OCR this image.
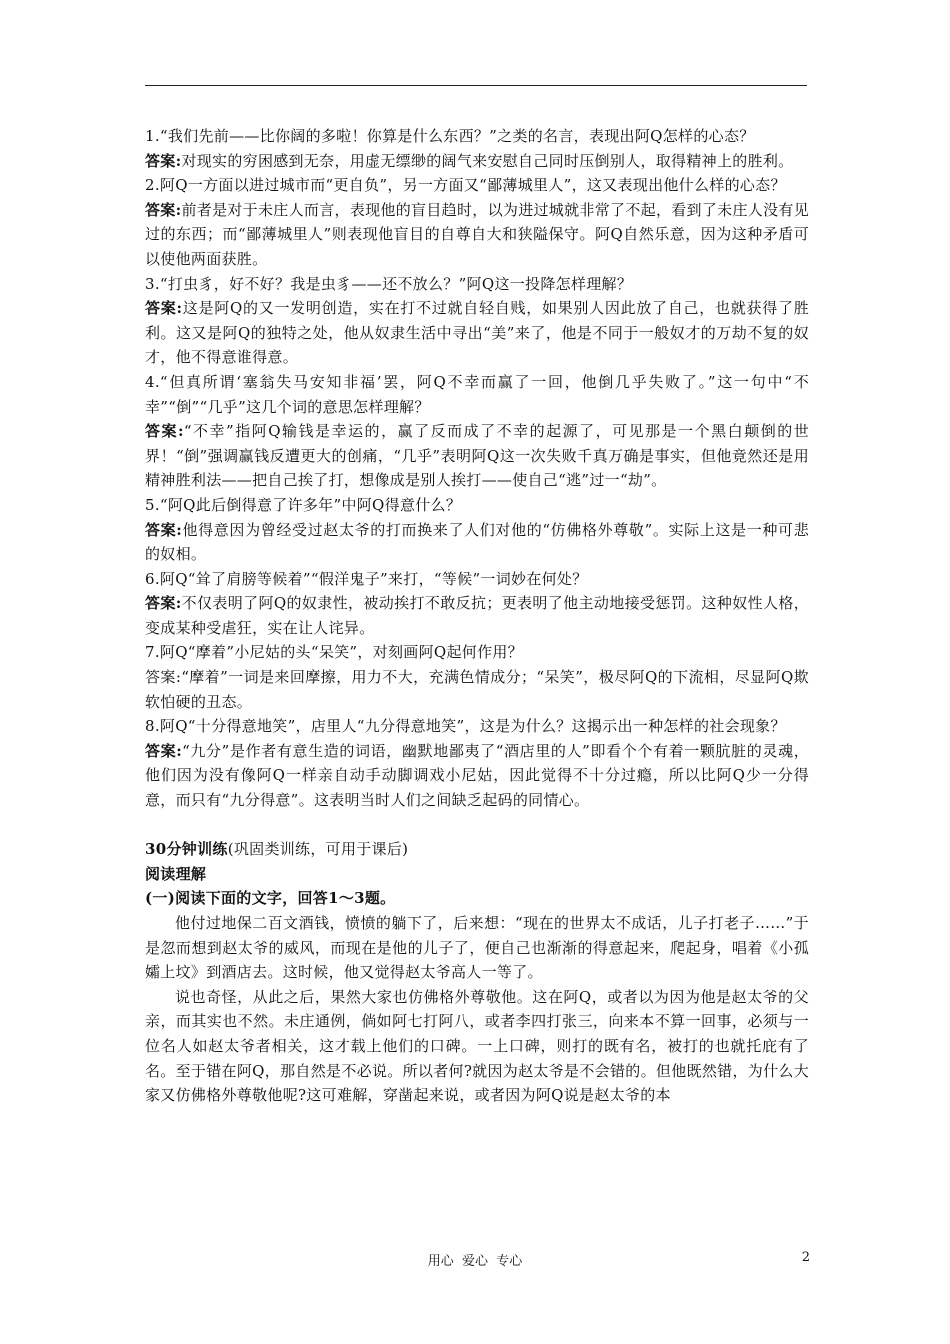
1.“我们先前——比你阔的多啦！你算是什么东西？”之类的名言，表现出阿Q怎样的心态？

答案:对现实的穷困感到无奈，用虚无缥缈的阔气来安慰自己同时压倒别人，取得精神上的胜利。

2.阿Q一方面以进过城市而“更自负”，另一方面又“鄙薄城里人”，这又表现出他什么样的心态？

答案:前者是对于未庄人而言，表现他的盲目趋时，以为进过城就非常了不起，看到了未庄人没有见过的东西；而“鄙薄城里人”则表现他盲目的自尊自大和狭隘保守。阿Q自然乐意，因为这种矛盾可以使他两面获胜。

3.“打虫豸，好不好？我是虫豸——还不放么？”阿Q这一投降怎样理解？

答案:这是阿Q的又一发明创造，实在打不过就自轻自贱，如果别人因此放了自己，也就获得了胜利。这又是阿Q的独特之处，他从奴隶生活中寻出“美”来了，他是不同于一般奴才的万劫不复的奴才，他不得意谁得意。

4.“但真所谓‘塞翁失马安知非福’罢，阿Q不幸而赢了一回，他倒几乎失败了。”这一句中“不幸”“倒”“几乎”这几个词的意思怎样理解？

答案:“不幸”指阿Q输钱是幸运的，赢了反而成了不幸的起源了，可见那是一个黑白颠倒的世界！“倒”强调赢钱反遭更大的创痛，“几乎”表明阿Q这一次失败千真万确是事实，但他竟然还是用精神胜利法——把自己挨了打，想像成是别人挨打——使自己“逃”过一“劫”。

5.“阿Q此后倒得意了许多年”中阿Q得意什么？

答案:他得意因为曾经受过赵太爷的打而换来了人们对他的“仿佛格外尊敬”。实际上这是一种可悲的奴相。

6.阿Q“耸了肩膀等候着”“假洋鬼子”来打，“等候”一词妙在何处？

答案:不仅表明了阿Q的奴隶性，被动挨打不敢反抗；更表明了他主动地接受惩罚。这种奴性人格，变成某种受虐狂，实在让人诧异。

7.阿Q“摩着”小尼姑的头“呆笑”，对刻画阿Q起何作用？

答案:“摩着”一词是来回摩擦，用力不大，充满色情成分；“呆笑”，极尽阿Q的下流相，尽显阿Q欺软怕硬的丑态。

8.阿Q“十分得意地笑”，店里人“九分得意地笑”，这是为什么？这揭示出一种怎样的社会现象？

答案:“九分”是作者有意生造的词语，幽默地鄙夷了“酒店里的人”即看个个有着一颗肮脏的灵魂，他们因为没有像阿Q一样亲自动手动脚调戏小尼姑，因此觉得不十分过瘾，所以比阿Q少一分得意，而只有“九分得意”。这表明当时人们之间缺乏起码的同情心。

30分钟训练(巩固类训练，可用于课后)

阅读理解

(一)阅读下面的文字，回答1～3题。

他付过地保二百文酒钱，愤愤的躺下了，后来想：“现在的世界太不成话，儿子打老子……”于是忽而想到赵太爷的威风，而现在是他的儿子了，便自己也渐渐的得意起来，爬起身，唱着《小孤孀上坟》到酒店去。这时候，他又觉得赵太爷高人一等了。

说也奇怪，从此之后，果然大家也仿佛格外尊敬他。这在阿Q，或者以为因为他是赵太爷的父亲，而其实也不然。未庄通例，倘如阿七打阿八，或者李四打张三，向来本不算一回事，必须与一位名人如赵太爷者相关，这才载上他们的口碑。一上口碑，则打的既有名，被打的也就托庇有了名。至于错在阿Q，那自然是不必说。所以者何?就因为赵太爷是不会错的。但他既然错，为什么大家又仿佛格外尊敬他呢?这可难解，穿凿起来说，或者因为阿Q说是赵太爷的本

用心  爱心  专心	2
